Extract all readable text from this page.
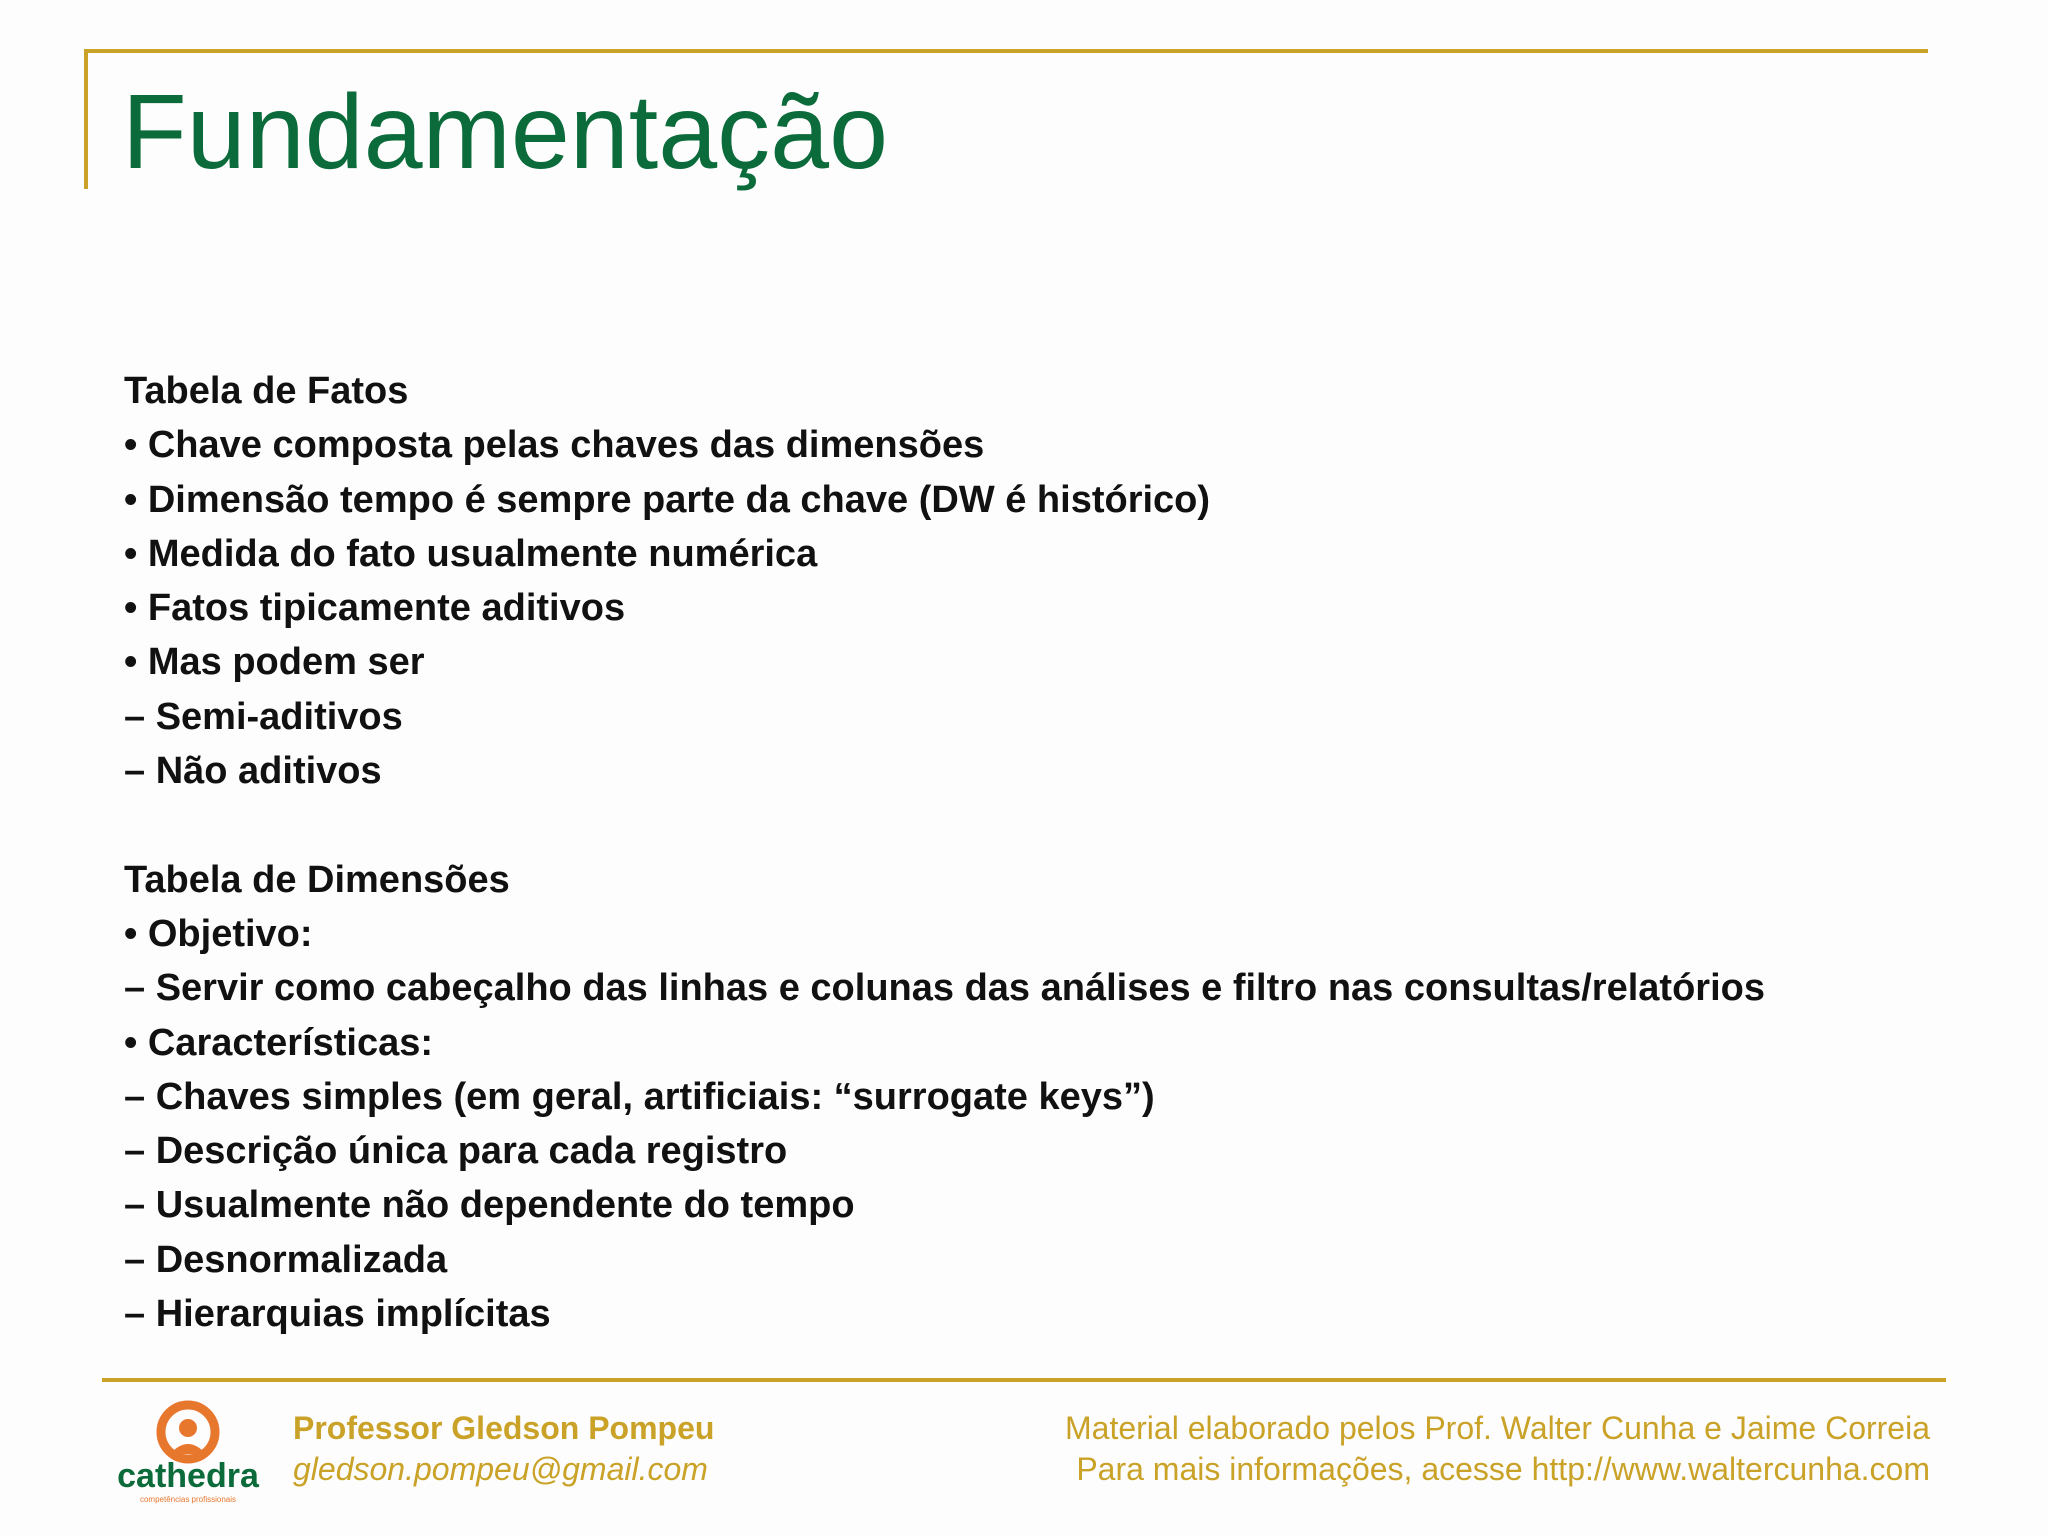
Fundamentação
Tabela de Fatos
• Chave composta pelas chaves das dimensões
• Dimensão tempo é sempre parte da chave (DW é histórico)
• Medida do fato usualmente numérica
• Fatos tipicamente aditivos
• Mas podem ser
– Semi-aditivos
– Não aditivos
Tabela de Dimensões
• Objetivo:
– Servir como cabeçalho das linhas e colunas das análises e filtro nas consultas/relatórios
• Características:
– Chaves simples (em geral, artificiais: “surrogate keys”)
– Descrição única para cada registro
– Usualmente não dependente do tempo
– Desnormalizada
– Hierarquias implícitas
cathedra
competências profissionais
Professor Gledson Pompeu
gledson.pompeu@gmail.com
Material elaborado pelos Prof. Walter Cunha e Jaime Correia
Para mais informações, acesse http://www.waltercunha.com
